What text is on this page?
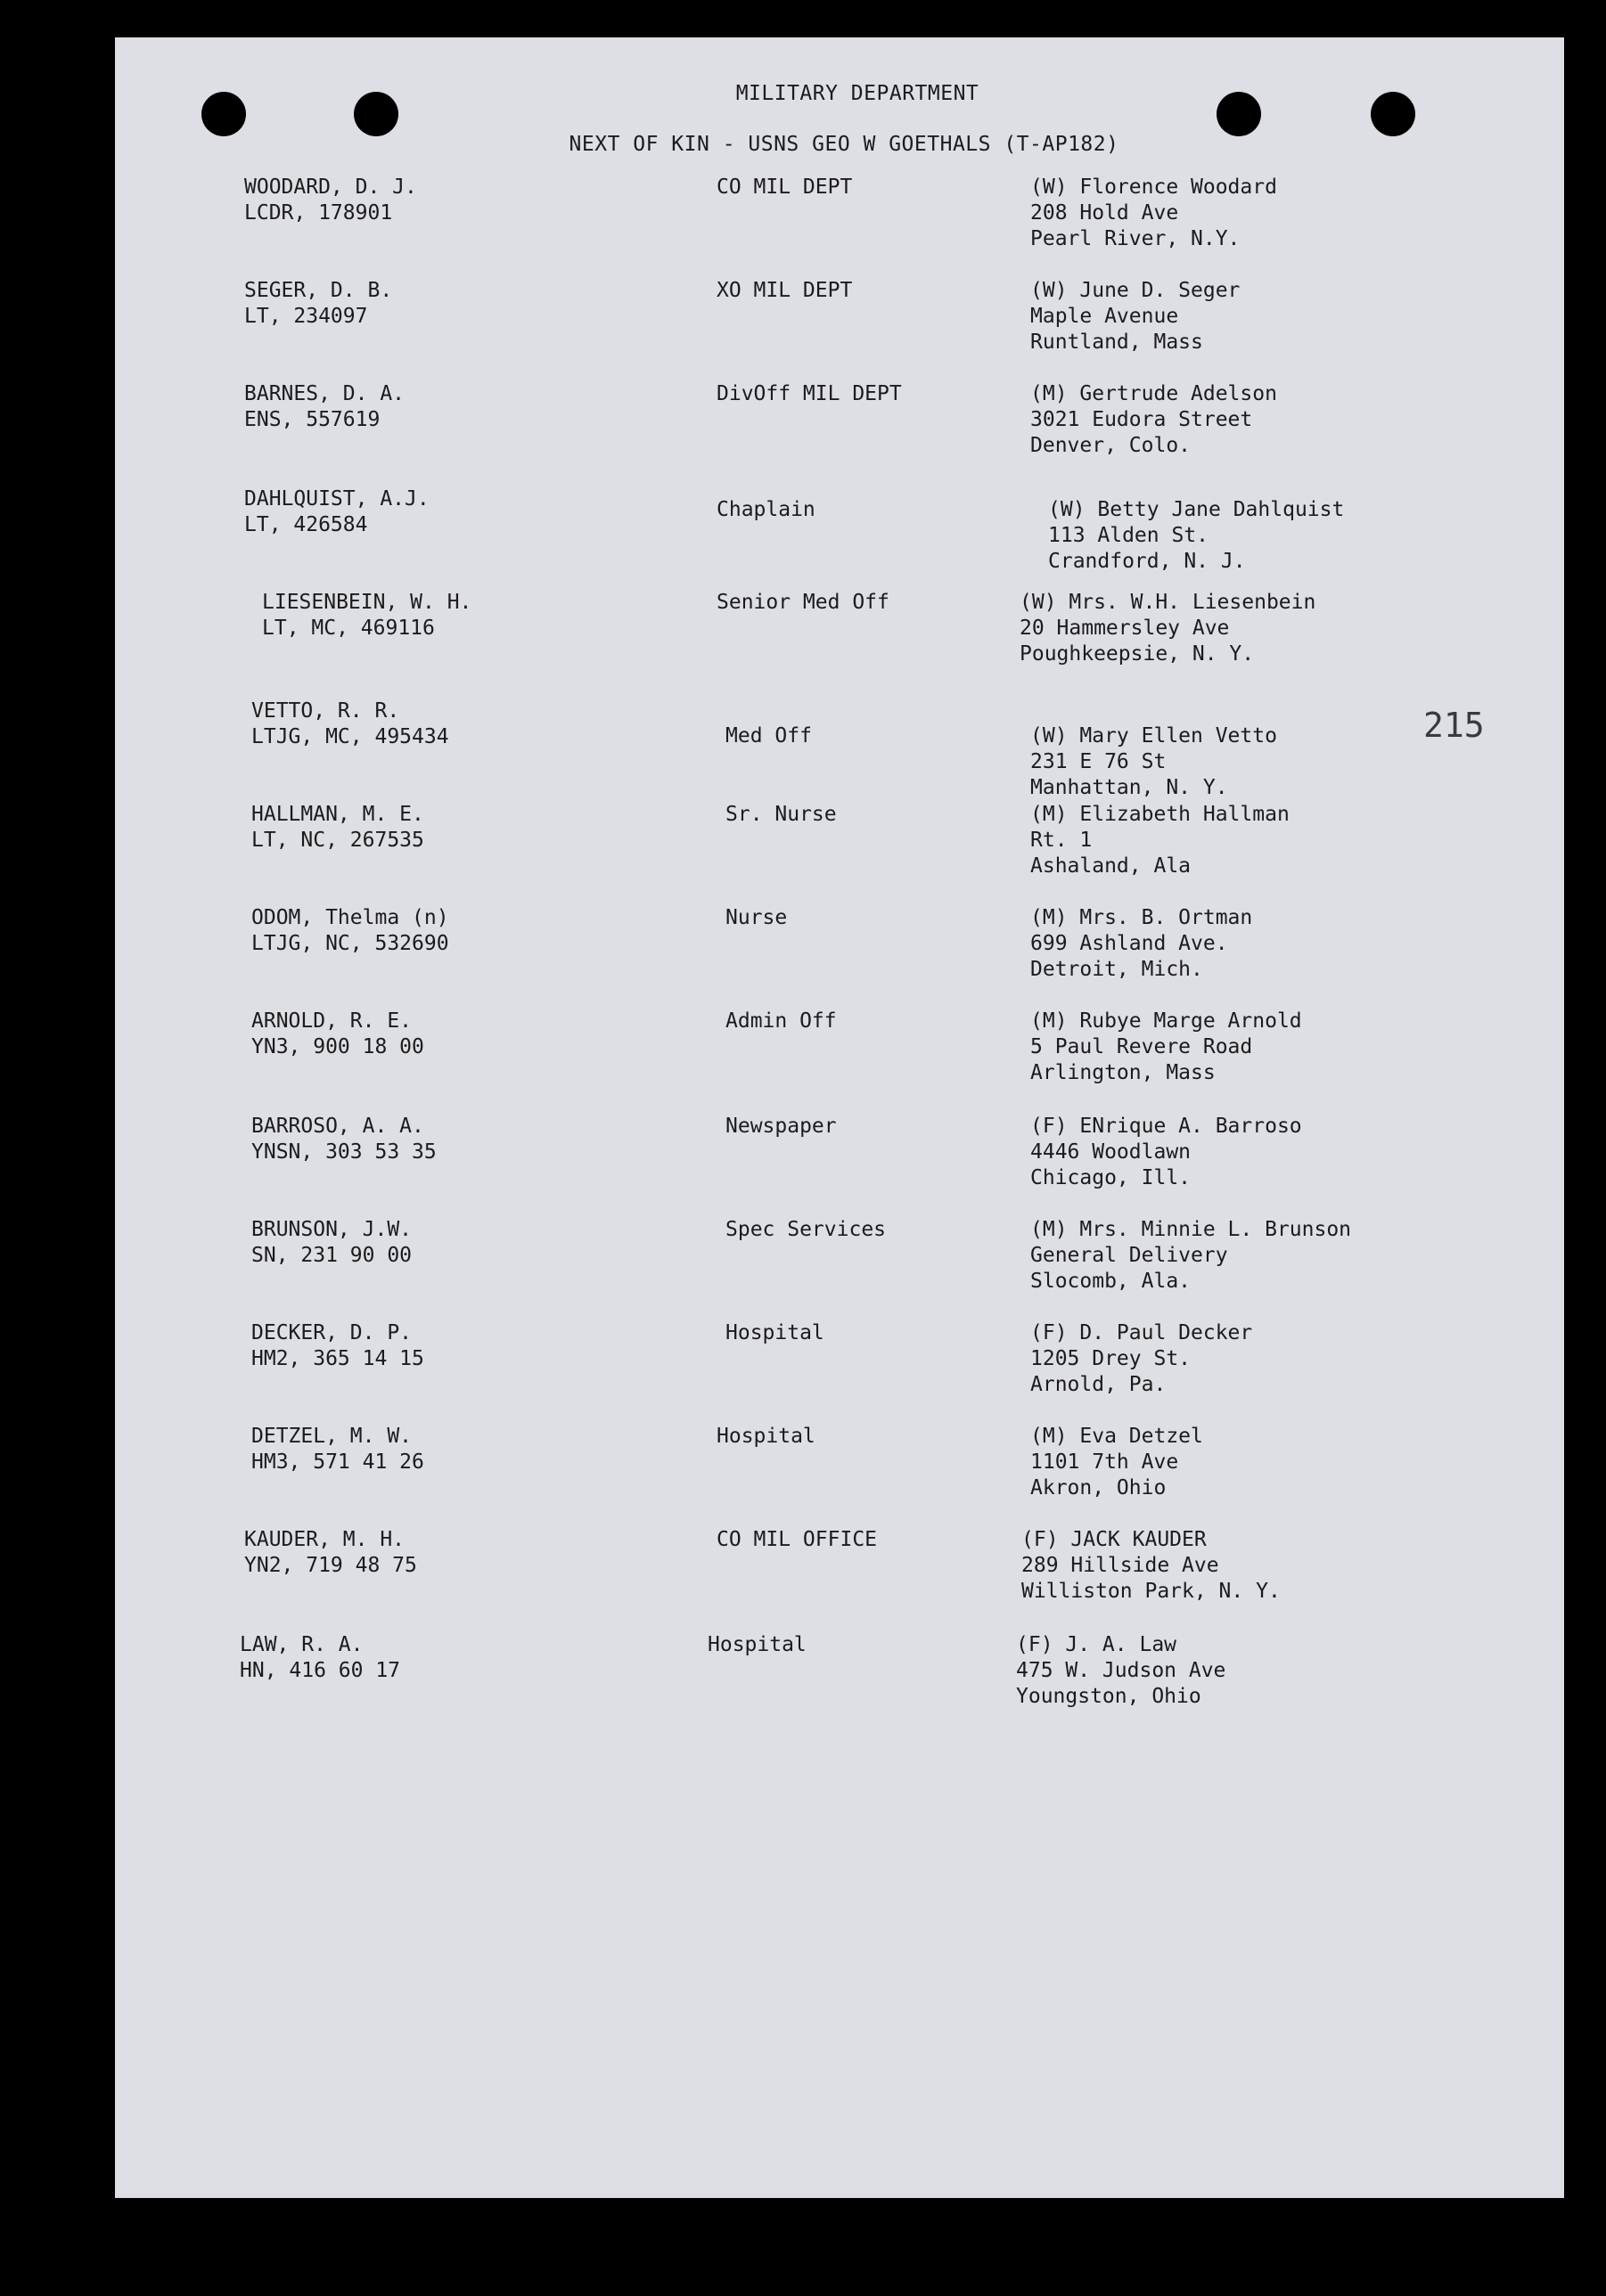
MILITARY DEPARTMENT
NEXT OF KIN - USNS GEO W GOETHALS (T-AP182)
215
WOODARD, D. J.
LCDR, 178901
CO MIL DEPT	(W) Florence Woodard
208 Hold Ave
Pearl River, N.Y.
SEGER, D. B.
LT, 234097
XO MIL DEPT	(W) June D. Seger
Maple Avenue
Runtland, Mass
BARNES, D. A.
ENS, 557619
DivOff MIL DEPT	(M) Gertrude Adelson
3021 Eudora Street
Denver, Colo.
DAHLQUIST, A.J.
LT, 426584
Chaplain	(W) Betty Jane Dahlquist
113 Alden St.
Crandford, N. J.
LIESENBEIN, W. H.
LT, MC, 469116
Senior Med Off	(W) Mrs. W.H. Liesenbein
20 Hammersley Ave
Poughkeepsie, N. Y.
VETTO, R. R.
LTJG, MC, 495434	Med Off	(W) Mary Ellen Vetto
231 E 76 St
Manhattan, N. Y.
HALLMAN, M. E.
LT, NC, 267535
Sr. Nurse	(M) Elizabeth Hallman
Rt. 1
Ashaland, Ala
ODOM, Thelma (n)
LTJG, NC, 532690
Nurse	(M) Mrs. B. Ortman
699 Ashland Ave.
Detroit, Mich.
ARNOLD, R. E.
YN3, 900 18 00
Admin Off	(M) Rubye Marge Arnold
5 Paul Revere Road
Arlington, Mass
BARROSO, A. A.
YNSN, 303 53 35
Newspaper	(F) ENrique A. Barroso
4446 Woodlawn
Chicago, Ill.
BRUNSON, J.W.
SN, 231 90 00
Spec Services	(M) Mrs. Minnie L. Brunson
General Delivery
Slocomb, Ala.
DECKER, D. P.
HM2, 365 14 15
Hospital	(F) D. Paul Decker
1205 Drey St.
Arnold, Pa.
DETZEL, M. W.
HM3, 571 41 26
Hospital	(M) Eva Detzel
1101 7th Ave
Akron, Ohio
KAUDER, M. H.
YN2, 719 48 75
CO MIL OFFICE	(F) JACK KAUDER
289 Hillside Ave
Williston Park, N. Y.
LAW, R. A.
HN, 416 60 17
Hospital	(F) J. A. Law
475 W. Judson Ave
Youngston, Ohio
